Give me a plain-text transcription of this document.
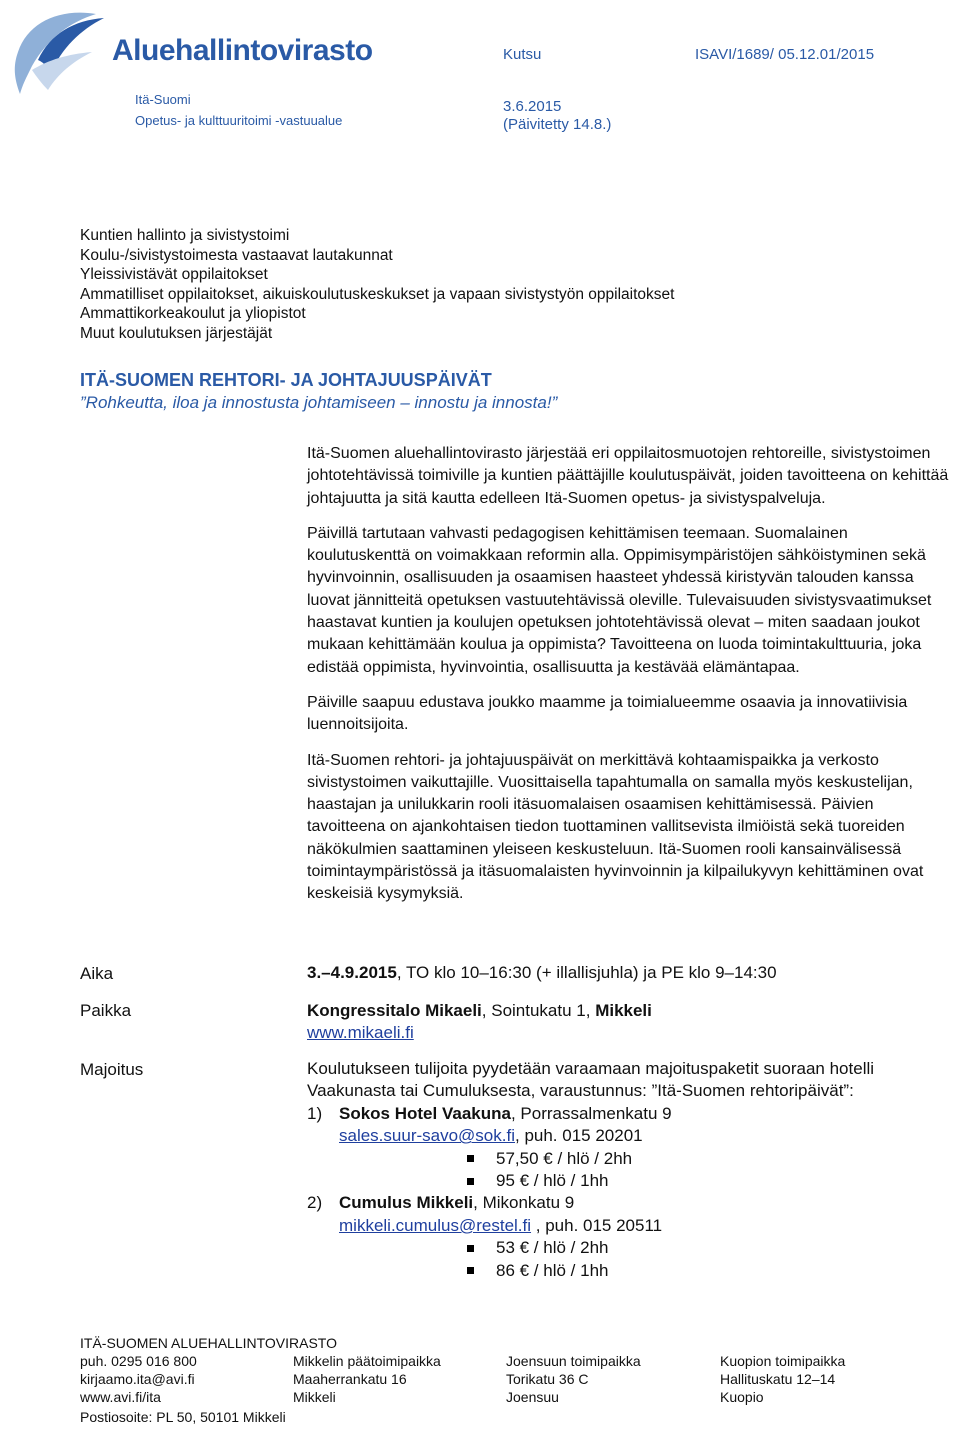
Aluehallintovirasto
Itä-Suomi
Opetus- ja kulttuuritoimi -vastuualue
Kutsu	ISAVI/1689/ 05.12.01/2015
3.6.2015
(Päivitetty 14.8.)
Kuntien hallinto ja sivistystoimi
Koulu-/sivistystoimesta vastaavat lautakunnat
Yleissivistävät oppilaitokset
Ammatilliset oppilaitokset, aikuiskoulutuskeskukset ja vapaan sivistystyön oppilaitokset
Ammattikorkeakoulut ja yliopistot
Muut koulutuksen järjestäjät
ITÄ-SUOMEN REHTORI- JA JOHTAJUUSPÄIVÄT
”Rohkeutta, iloa ja innostusta johtamiseen – innostu ja innosta!”

Itä-Suomen aluehallintovirasto järjestää eri oppilaitosmuotojen rehtoreille, sivistystoimen johtotehtävissä toimiville ja kuntien päättäjille koulutuspäivät, joiden tavoitteena on kehittää johtajuutta ja sitä kautta edelleen Itä-Suomen opetus- ja sivistyspalveluja.

Päivillä tartutaan vahvasti pedagogisen kehittämisen teemaan. Suomalainen koulutuskenttä on voimakkaan reformin alla. Oppimisympäristöjen sähköistyminen sekä hyvinvoinnin, osallisuuden ja osaamisen haasteet yhdessä kiristyvän talouden kanssa luovat jännitteitä opetuksen vastuutehtävissä oleville. Tulevaisuuden sivistysvaatimukset haastavat kuntien ja koulujen opetuksen johtotehtävissä olevat – miten saadaan joukot mukaan kehittämään koulua ja oppimista? Tavoitteena on luoda toimintakulttuuria, joka edistää oppimista, hyvinvointia, osallisuutta ja kestävää elämäntapaa.

Päiville saapuu edustava joukko maamme ja toimialueemme osaavia ja innovatiivisia luennoitsijoita.

Itä-Suomen rehtori- ja johtajuuspäivät on merkittävä kohtaamispaikka ja verkosto sivistystoimen vaikuttajille. Vuosittaisella tapahtumalla on samalla myös keskustelijan, haastajan ja unilukkarin rooli itäsuomalaisen osaamisen kehittämisessä. Päivien tavoitteena on ajankohtaisen tiedon tuottaminen vallitsevista ilmiöistä sekä tuoreiden näkökulmien saattaminen yleiseen keskusteluun. Itä-Suomen rooli kansainvälisessä toimintaympäristössä ja itäsuomalaisten hyvinvoinnin ja kilpailukyvyn kehittäminen ovat keskeisiä kysymyksiä.

Aika	3.–4.9.2015, TO klo 10–16:30 (+ illallisjuhla) ja PE klo 9–14:30
Paikka	Kongressitalo Mikaeli, Sointukatu 1, Mikkeli
www.mikaeli.fi
Majoitus	Koulutukseen tulijoita pyydetään varaamaan majoituspaketit suoraan hotelli
Vaakunasta tai Cumuluksesta, varaustunnus: ”Itä-Suomen rehtoripäivät”:
1) Sokos Hotel Vaakuna, Porrassalmenkatu 9
sales.suur-savo@sok.fi, puh. 015 20201
57,50 € / hlö / 2hh
95 € / hlö / 1hh
2) Cumulus Mikkeli, Mikonkatu 9
mikkeli.cumulus@restel.fi , puh. 015 20511
53 € / hlö / 2hh
86 € / hlö / 1hh
ITÄ-SUOMEN ALUEHALLINTOVIRASTO
puh. 0295 016 800
kirjaamo.ita@avi.fi
www.avi.fi/ita
Mikkelin päätoimipaikka
Maaherrankatu 16
Mikkeli
Joensuun toimipaikka
Torikatu 36 C
Joensuu
Kuopion toimipaikka
Hallituskatu 12–14
Kuopio
Postiosoite: PL 50, 50101 Mikkeli
